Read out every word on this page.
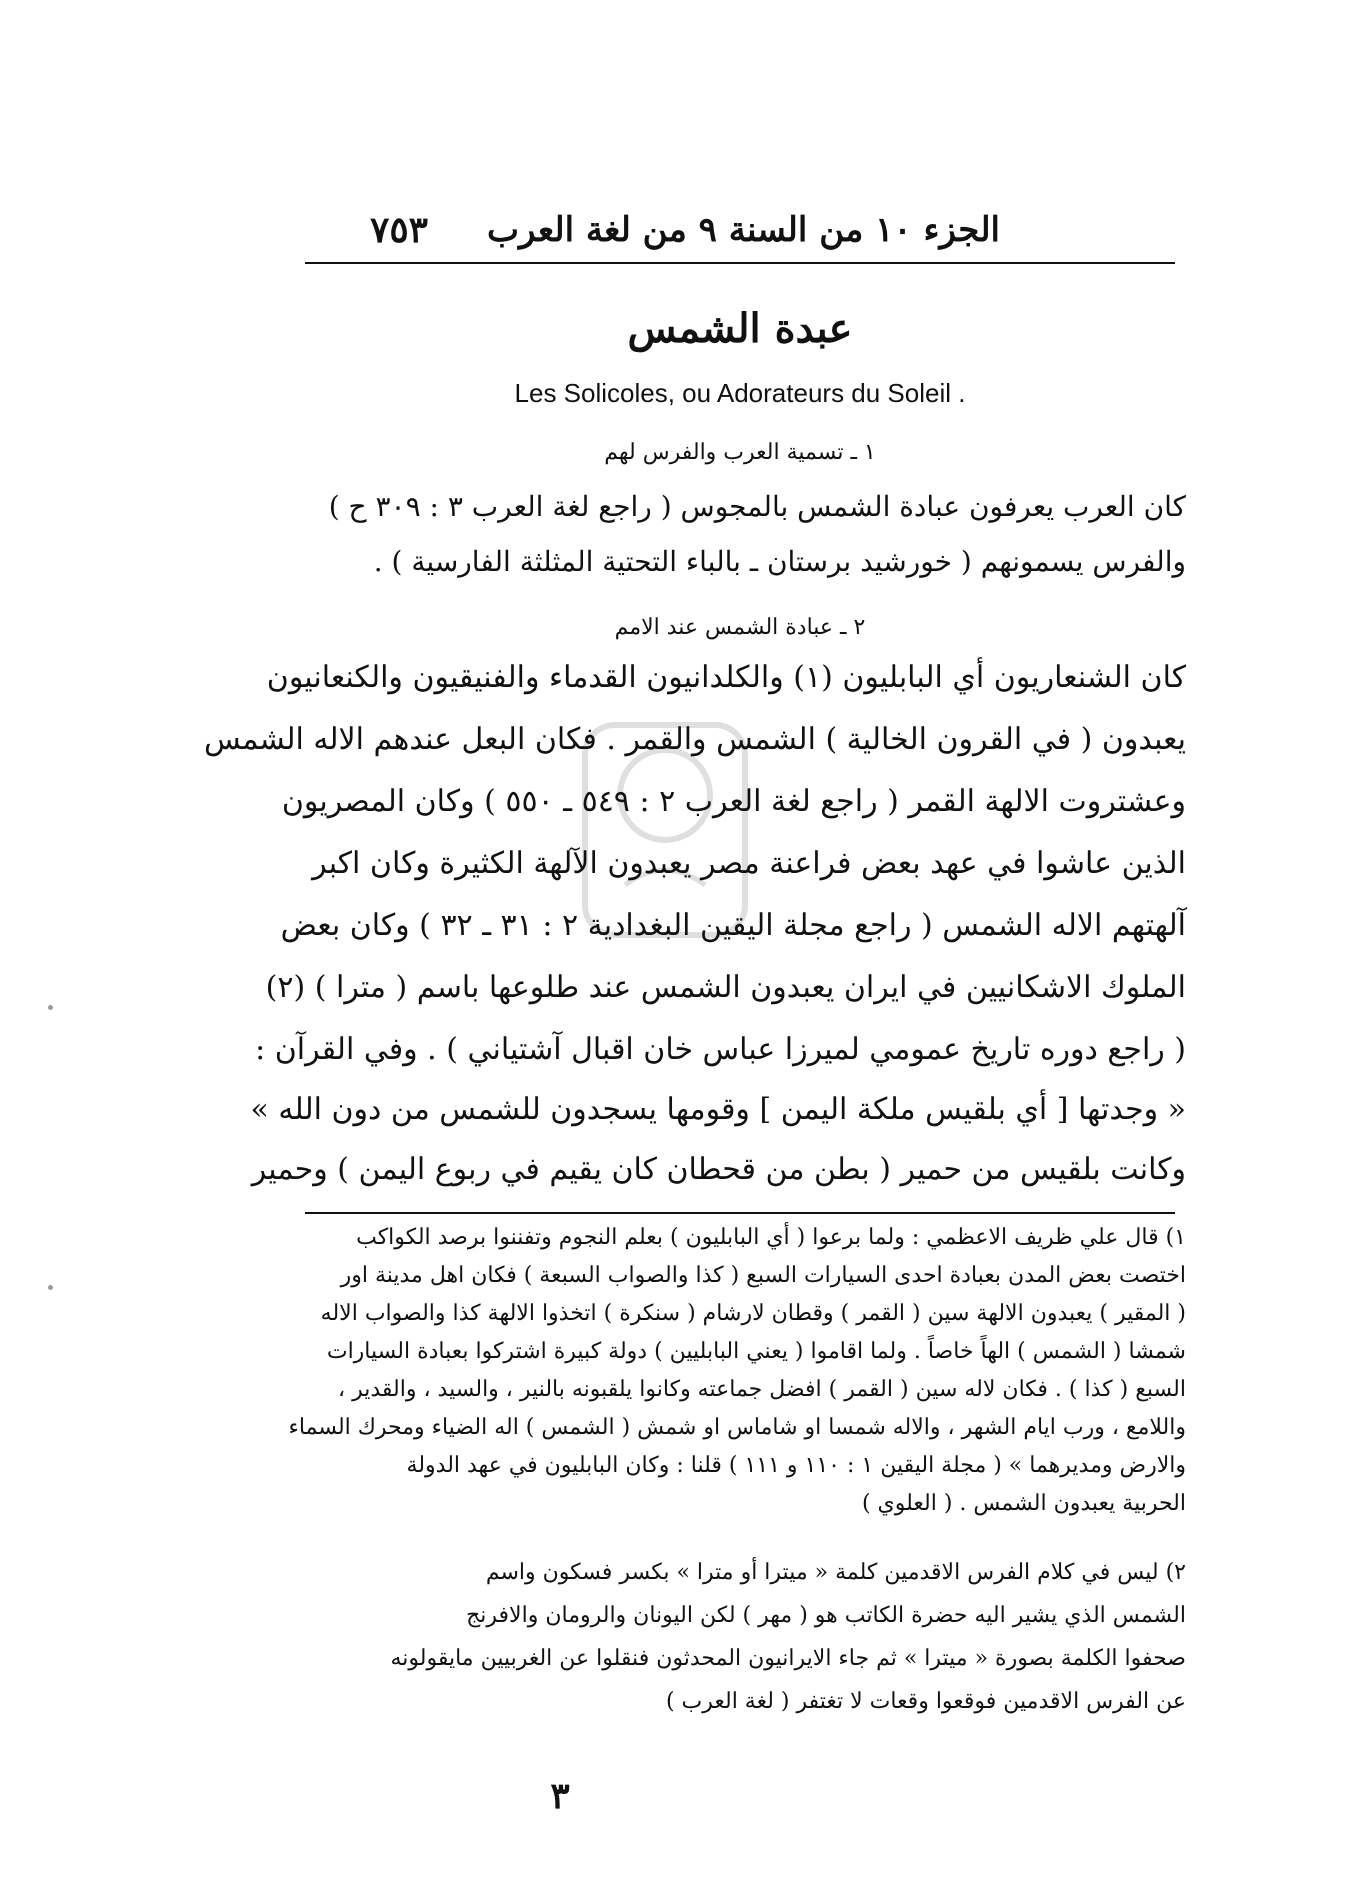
الجزء ١٠ من السنة ٩ من لغة العرب
٧٥٣
عبدة الشمس
Les Solicoles, ou Adorateurs du Soleil .
١ ـ تسمية العرب والفرس لهم
كان العرب يعرفون عبادة الشمس بالمجوس ( راجع لغة العرب ٣ : ٣٠٩ ح )
والفرس يسمونهم ( خورشيد برستان ـ بالباء التحتية المثلثة الفارسية ) .
٢ ـ عبادة الشمس عند الامم
كان الشنعاريون أي البابليون (١) والكلدانيون القدماء والفنيقيون والكنعانيون
يعبدون ( في القرون الخالية ) الشمس والقمر . فكان البعل عندهم الاله الشمس
وعشتروت الالهة القمر ( راجع لغة العرب ٢ : ٥٤٩ ـ ٥٥٠ ) وكان المصريون
الذين عاشوا في عهد بعض فراعنة مصر يعبدون الآلهة الكثيرة وكان اكبر
آلهتهم الاله الشمس ( راجع مجلة اليقين البغدادية ٢ : ٣١ ـ ٣٢ ) وكان بعض
الملوك الاشكانيين في ايران يعبدون الشمس عند طلوعها باسم ( مترا ) (٢)
( راجع دوره تاريخ عمومي لميرزا عباس خان اقبال آشتياني ) . وفي القرآن :
« وجدتها [ أي بلقيس ملكة اليمن ] وقومها يسجدون للشمس من دون الله »
وكانت بلقيس من حمير ( بطن من قحطان كان يقيم في ربوع اليمن ) وحمير
١) قال علي ظريف الاعظمي : ولما برعوا ( أي البابليون ) بعلم النجوم وتفننوا برصد الكواكب
اختصت بعض المدن بعبادة احدى السيارات السبع ( كذا والصواب السبعة ) فكان اهل مدينة اور
( المقير ) يعبدون الالهة سين ( القمر ) وقطان لارشام ( سنكرة ) اتخذوا الالهة كذا والصواب الاله
شمشا ( الشمس ) الهاً خاصاً . ولما اقاموا ( يعني البابليين ) دولة كبيرة اشتركوا بعبادة السيارات
السبع ( كذا ) . فكان لاله سين ( القمر ) افضل جماعته وكانوا يلقبونه بالنير ، والسيد ، والقدير ،
واللامع ، ورب ايام الشهر ، والاله شمسا او شاماس او شمش ( الشمس ) اله الضياء ومحرك السماء
والارض ومديرهما » ( مجلة اليقين ١ : ١١٠ و ١١١ ) قلنا : وكان البابليون في عهد الدولة
الحربية يعبدون الشمس . ( العلوي )
٢) ليس في كلام الفرس الاقدمين كلمة « ميترا أو مترا » بكسر فسكون واسم
الشمس الذي يشير اليه حضرة الكاتب هو ( مهر ) لكن اليونان والرومان والافرنج
صحفوا الكلمة بصورة « ميترا » ثم جاء الايرانيون المحدثون فنقلوا عن الغربيين مايقولونه
عن الفرس الاقدمين فوقعوا وقعات لا تغتفر ( لغة العرب )
٣
